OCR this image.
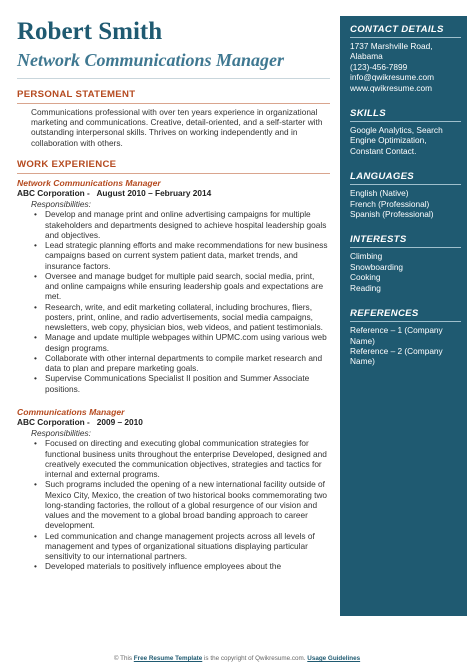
Robert Smith
Network Communications Manager
PERSONAL STATEMENT
Communications professional with over ten years experience in organizational marketing and communications. Creative, detail-oriented, and a self-starter with outstanding interpersonal skills. Thrives on working independently and in collaboration with others.
WORK EXPERIENCE
Network Communications Manager
ABC Corporation - August 2010 – February 2014
Responsibilities:
• Develop and manage print and online advertising campaigns for multiple stakeholders and departments designed to achieve hospital leadership goals and objectives.
• Lead strategic planning efforts and make recommendations for new business campaigns based on current system patient data, market trends, and insurance factors.
• Oversee and manage budget for multiple paid search, social media, print, and online campaigns while ensuring leadership goals and expectations are met.
• Research, write, and edit marketing collateral, including brochures, fliers, posters, print, online, and radio advertisements, social media campaigns, newsletters, web copy, physician bios, web videos, and patient testimonials.
• Manage and update multiple webpages within UPMC.com using various web design programs.
• Collaborate with other internal departments to compile market research and data to plan and prepare marketing goals.
• Supervise Communications Specialist II position and Summer Associate positions.
Communications Manager
ABC Corporation - 2009 – 2010
Responsibilities:
• Focused on directing and executing global communication strategies for functional business units throughout the enterprise Developed, designed and creatively executed the communication objectives, strategies and tactics for internal and external programs.
• Such programs included the opening of a new international facility outside of Mexico City, Mexico, the creation of two historical books commemorating two long-standing factories, the rollout of a global resurgence of our vision and values and the movement to a global broad banding approach to career development.
• Led communication and change management projects across all levels of management and types of organizational situations displaying particular sensitivity to our international partners.
• Developed materials to positively influence employees about the
CONTACT DETAILS
1737 Marshville Road,
Alabama
(123)-456-7899
info@qwikresume.com
www.qwikresume.com
SKILLS
Google Analytics, Search Engine Optimization, Constant Contact.
LANGUAGES
English (Native)
French (Professional)
Spanish (Professional)
INTERESTS
Climbing
Snowboarding
Cooking
Reading
REFERENCES
Reference – 1 (Company Name)
Reference – 2 (Company Name)
© This Free Resume Template is the copyright of Qwikresume.com. Usage Guidelines
